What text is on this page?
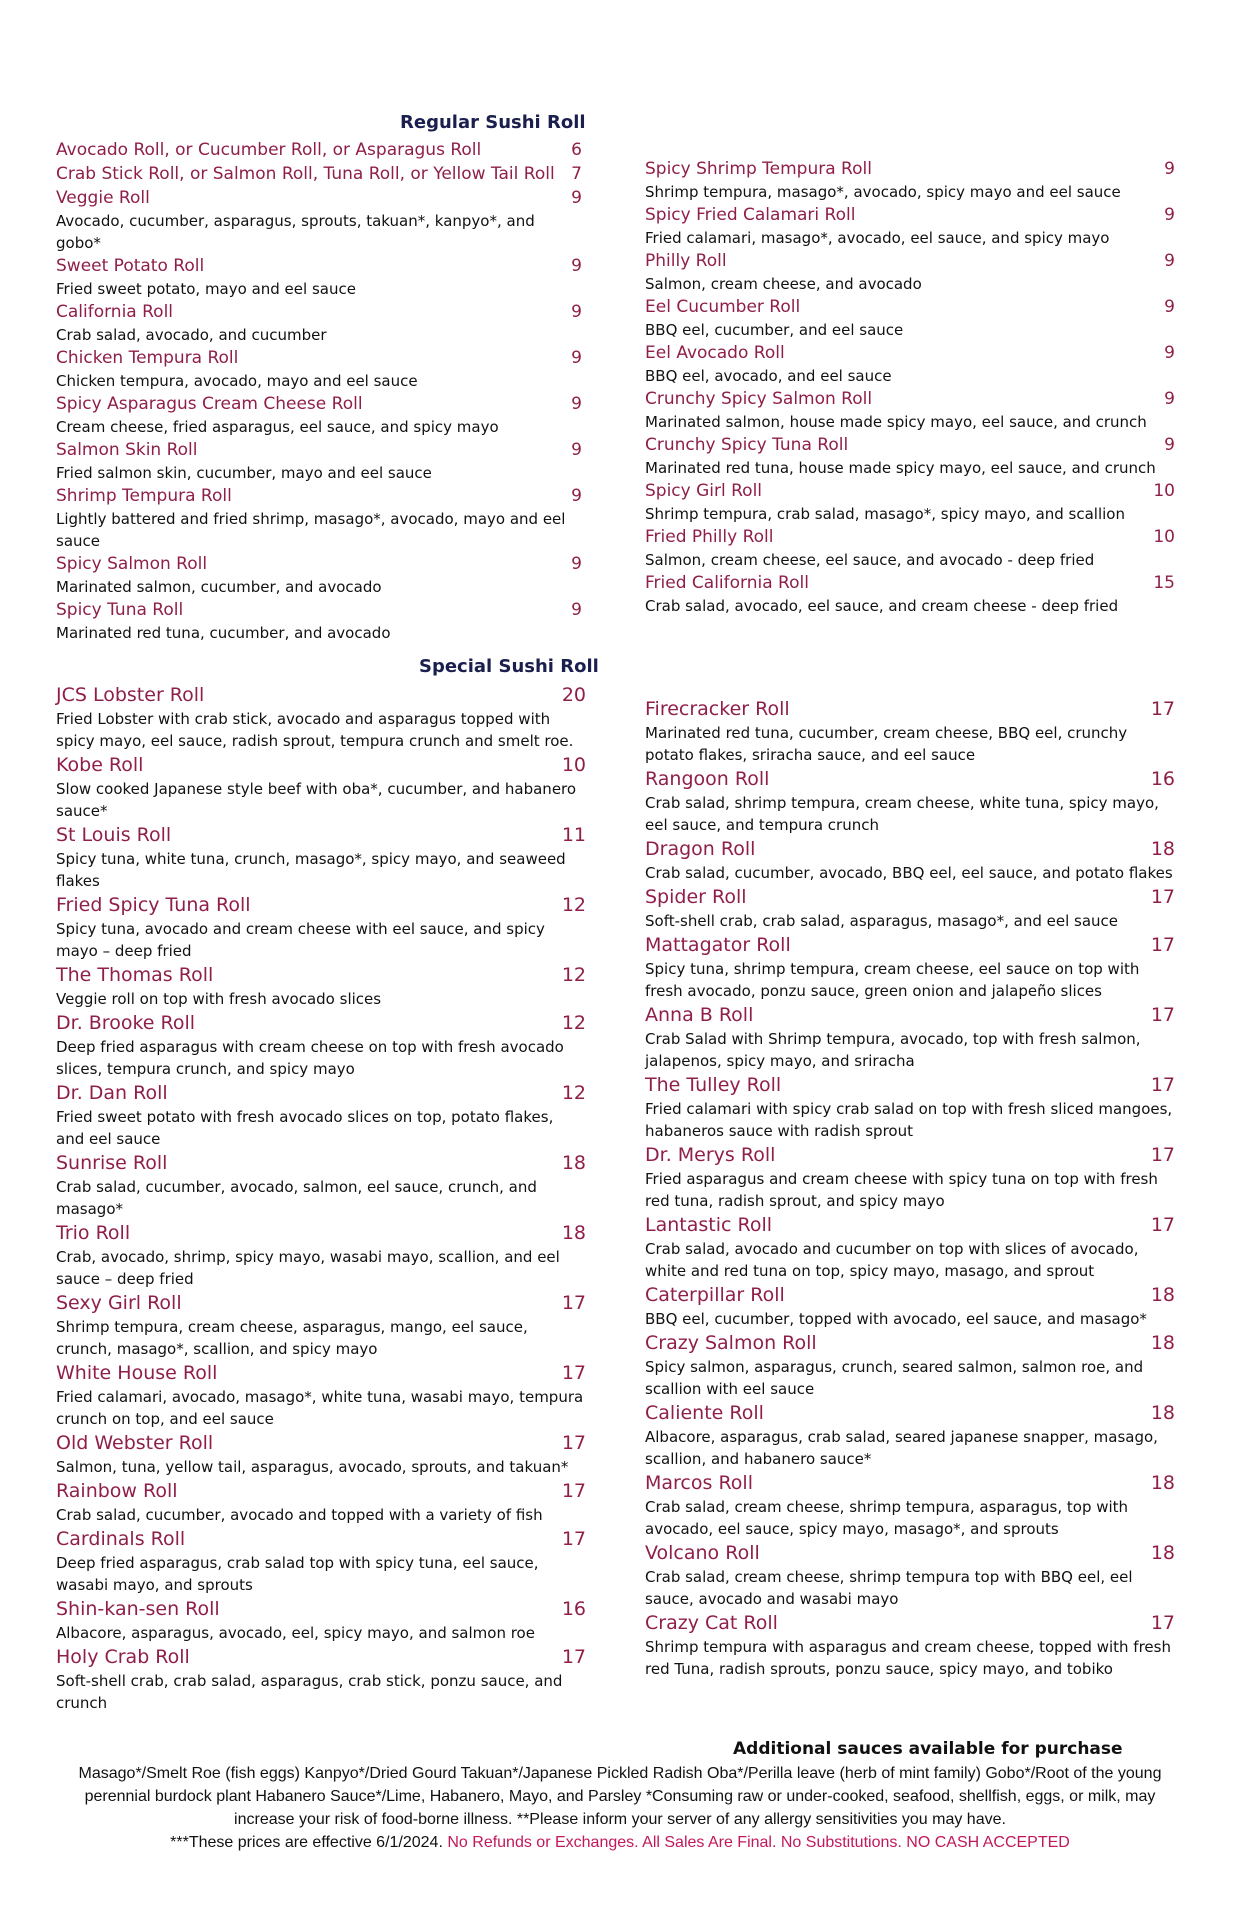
Regular Sushi Roll
Avocado Roll, or Cucumber Roll, or Asparagus Roll	6
Crab Stick Roll, or Salmon Roll, Tuna Roll, or Yellow Tail Roll 7
Veggie Roll	9
Avocado, cucumber, asparagus, sprouts, takuan*, kanpyo*, and gobo*
Sweet Potato Roll	9
Fried sweet potato, mayo and eel sauce
California Roll	9
Crab salad, avocado, and cucumber
Chicken Tempura Roll	9
Chicken tempura, avocado, mayo and eel sauce
Spicy Asparagus Cream Cheese Roll	9
Cream cheese, fried asparagus, eel sauce, and spicy mayo
Salmon Skin Roll	9
Fried salmon skin, cucumber, mayo and eel sauce
Shrimp Tempura Roll	9
Lightly battered and fried shrimp, masago*, avocado, mayo and eel sauce
Spicy Salmon Roll	9
Marinated salmon, cucumber, and avocado
Spicy Tuna Roll	9
Marinated red tuna, cucumber, and avocado
Spicy Shrimp Tempura Roll	9
Shrimp tempura, masago*, avocado, spicy mayo and eel sauce
Spicy Fried Calamari Roll	9
Fried calamari, masago*, avocado, eel sauce, and spicy mayo
Philly Roll	9
Salmon, cream cheese, and avocado
Eel Cucumber Roll	9
BBQ eel, cucumber, and eel sauce
Eel Avocado Roll	9
BBQ eel, avocado, and eel sauce
Crunchy Spicy Salmon Roll	9
Marinated salmon, house made spicy mayo, eel sauce, and crunch
Crunchy Spicy Tuna Roll	9
Marinated red tuna, house made spicy mayo, eel sauce, and crunch
Spicy Girl Roll	10
Shrimp tempura, crab salad, masago*, spicy mayo, and scallion
Fried Philly Roll	10
Salmon, cream cheese, eel sauce, and avocado - deep fried
Fried California Roll	15
Crab salad, avocado, eel sauce, and cream cheese - deep fried
Special Sushi Roll
JCS Lobster Roll	20
Fried Lobster with crab stick, avocado and asparagus topped with spicy mayo, eel sauce, radish sprout, tempura crunch and smelt roe.
Kobe Roll	10
Slow cooked Japanese style beef with oba*, cucumber, and habanero sauce*
St Louis Roll	11
Spicy tuna, white tuna, crunch, masago*, spicy mayo, and seaweed flakes
Fried Spicy Tuna Roll	12
Spicy tuna, avocado and cream cheese with eel sauce, and spicy mayo – deep fried
The Thomas Roll	12
Veggie roll on top with fresh avocado slices
Dr. Brooke Roll	12
Deep fried asparagus with cream cheese on top with fresh avocado slices, tempura crunch, and spicy mayo
Dr. Dan Roll	12
Fried sweet potato with fresh avocado slices on top, potato flakes, and eel sauce
Sunrise Roll	18
Crab salad, cucumber, avocado, salmon, eel sauce, crunch, and masago*
Trio Roll	18
Crab, avocado, shrimp, spicy mayo, wasabi mayo, scallion, and eel sauce – deep fried
Sexy Girl Roll	17
Shrimp tempura, cream cheese, asparagus, mango, eel sauce, crunch, masago*, scallion, and spicy mayo
White House Roll	17
Fried calamari, avocado, masago*, white tuna, wasabi mayo, tempura crunch on top, and eel sauce
Old Webster Roll	17
Salmon, tuna, yellow tail, asparagus, avocado, sprouts, and takuan*
Rainbow Roll	17
Crab salad, cucumber, avocado and topped with a variety of fish
Cardinals Roll	17
Deep fried asparagus, crab salad top with spicy tuna, eel sauce, wasabi mayo, and sprouts
Shin-kan-sen Roll	16
Albacore, asparagus, avocado, eel, spicy mayo, and salmon roe
Holy Crab Roll	17
Soft-shell crab, crab salad, asparagus, crab stick, ponzu sauce, and crunch
Firecracker Roll	17
Marinated red tuna, cucumber, cream cheese, BBQ eel, crunchy potato flakes, sriracha sauce, and eel sauce
Rangoon Roll	16
Crab salad, shrimp tempura, cream cheese, white tuna, spicy mayo, eel sauce, and tempura crunch
Dragon Roll	18
Crab salad, cucumber, avocado, BBQ eel, eel sauce, and potato flakes
Spider Roll	17
Soft-shell crab, crab salad, asparagus, masago*, and eel sauce
Mattagator Roll	17
Spicy tuna, shrimp tempura, cream cheese, eel sauce on top with fresh avocado, ponzu sauce, green onion and jalapeño slices
Anna B Roll	17
Crab Salad with Shrimp tempura, avocado, top with fresh salmon, jalapenos, spicy mayo, and sriracha
The Tulley Roll	17
Fried calamari with spicy crab salad on top with fresh sliced mangoes, habaneros sauce with radish sprout
Dr. Merys Roll	17
Fried asparagus and cream cheese with spicy tuna on top with fresh red tuna, radish sprout, and spicy mayo
Lantastic Roll	17
Crab salad, avocado and cucumber on top with slices of avocado, white and red tuna on top, spicy mayo, masago, and sprout
Caterpillar Roll	18
BBQ eel, cucumber, topped with avocado, eel sauce, and masago*
Crazy Salmon Roll	18
Spicy salmon, asparagus, crunch, seared salmon, salmon roe, and scallion with eel sauce
Caliente Roll	18
Albacore, asparagus, crab salad, seared japanese snapper, masago, scallion, and habanero sauce*
Marcos Roll	18
Crab salad, cream cheese, shrimp tempura, asparagus, top with avocado, eel sauce, spicy mayo, masago*, and sprouts
Volcano Roll	18
Crab salad, cream cheese, shrimp tempura top with BBQ eel, eel sauce, avocado and wasabi mayo
Crazy Cat Roll	17
Shrimp tempura with asparagus and cream cheese, topped with fresh red Tuna, radish sprouts, ponzu sauce, spicy mayo, and tobiko
Additional sauces available for purchase
Masago*/Smelt Roe (fish eggs) Kanpyo*/Dried Gourd Takuan*/Japanese Pickled Radish Oba*/Perilla leave (herb of mint family) Gobo*/Root of the young perennial burdock plant Habanero Sauce*/Lime, Habanero, Mayo, and Parsley *Consuming raw or under-cooked, seafood, shellfish, eggs, or milk, may increase your risk of food-borne illness. **Please inform your server of any allergy sensitivities you may have.
***These prices are effective 6/1/2024. No Refunds or Exchanges. All Sales Are Final. No Substitutions. NO CASH ACCEPTED
